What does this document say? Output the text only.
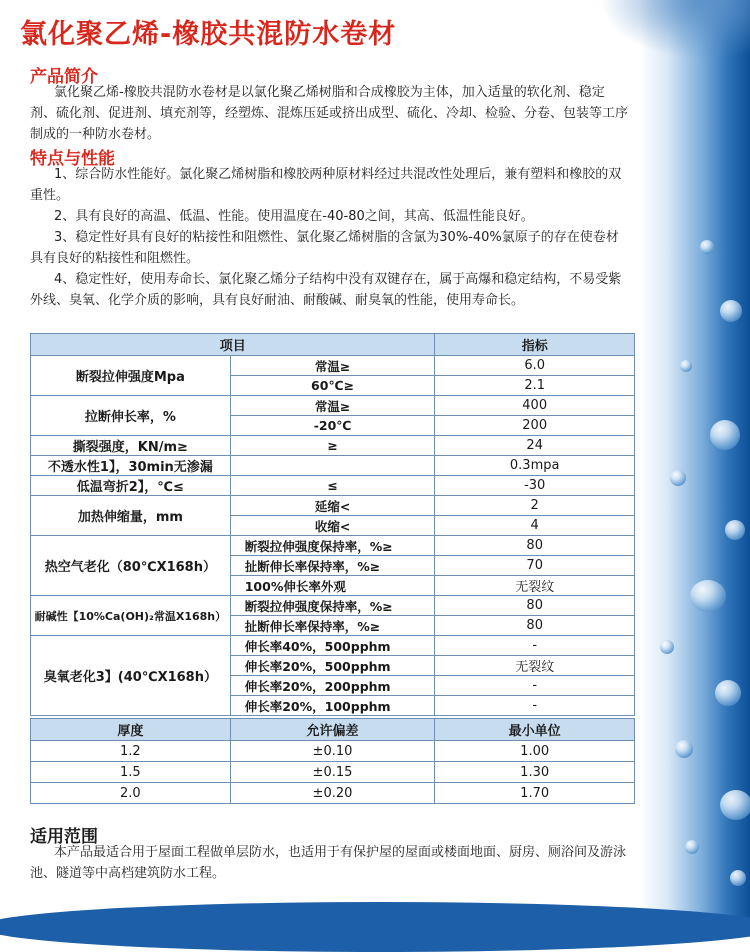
氯化聚乙烯-橡胶共混防水卷材
产品简介

氯化聚乙烯-橡胶共混防水卷材是以氯化聚乙烯树脂和合成橡胶为主体，加入适量的软化剂、稳定剂、硫化剂、促进剂、填充剂等，经塑炼、混炼压延或挤出成型、硫化、冷却、检验、分卷、包装等工序制成的一种防水卷材。

特点与性能

1、综合防水性能好。氯化聚乙烯树脂和橡胶两种原材料经过共混改性处理后，兼有塑料和橡胶的双重性。

2、具有良好的高温、低温、性能。使用温度在-40-80之间，其高、低温性能良好。

3、稳定性好具有良好的粘接性和阻燃性、氯化聚乙烯树脂的含氯为30%-40%氯原子的存在使卷材具有良好的粘接性和阻燃性。

4、稳定性好，使用寿命长、氯化聚乙烯分子结构中没有双键存在，属于高爆和稳定结构，不易受紫外线、臭氧、化学介质的影响，具有良好耐油、耐酸碱、耐臭氧的性能，使用寿命长。

项目		指标
断裂拉伸强度Mpa	常温≥	6.0
	60℃≥	2.1
拉断伸长率，%	常温≥	400
	-20℃	200
撕裂强度，KN/m≥	≥	24
不透水性1】，30min无渗漏		0.3mpa
低温弯折2】，℃≤	≤	-30
加热伸缩量，mm	延缩<	2
	收缩<	4
热空气老化（80℃X168h）	断裂拉伸强度保持率，%≥	80
	扯断伸长率保持率，%≥	70
	100%伸长率外观	无裂纹
耐碱性【10%Ca(OH)₂常温X168h）	断裂拉伸强度保持率，%≥	80
	扯断伸长率保持率，%≥	80
臭氧老化3】(40℃X168h）	伸长率40%，500pphm	-
	伸长率20%，500pphm	无裂纹
	伸长率20%，200pphm	-
	伸长率20%，100pphm	-
厚度	允许偏差	最小单位
1.2	±0.10	1.00
1.5	±0.15	1.30
2.0	±0.20	1.70
适用范围

本产品最适合用于屋面工程做单层防水，也适用于有保护屋的屋面或楼面地面、厨房、厕浴间及游泳池、隧道等中高档建筑防水工程。
